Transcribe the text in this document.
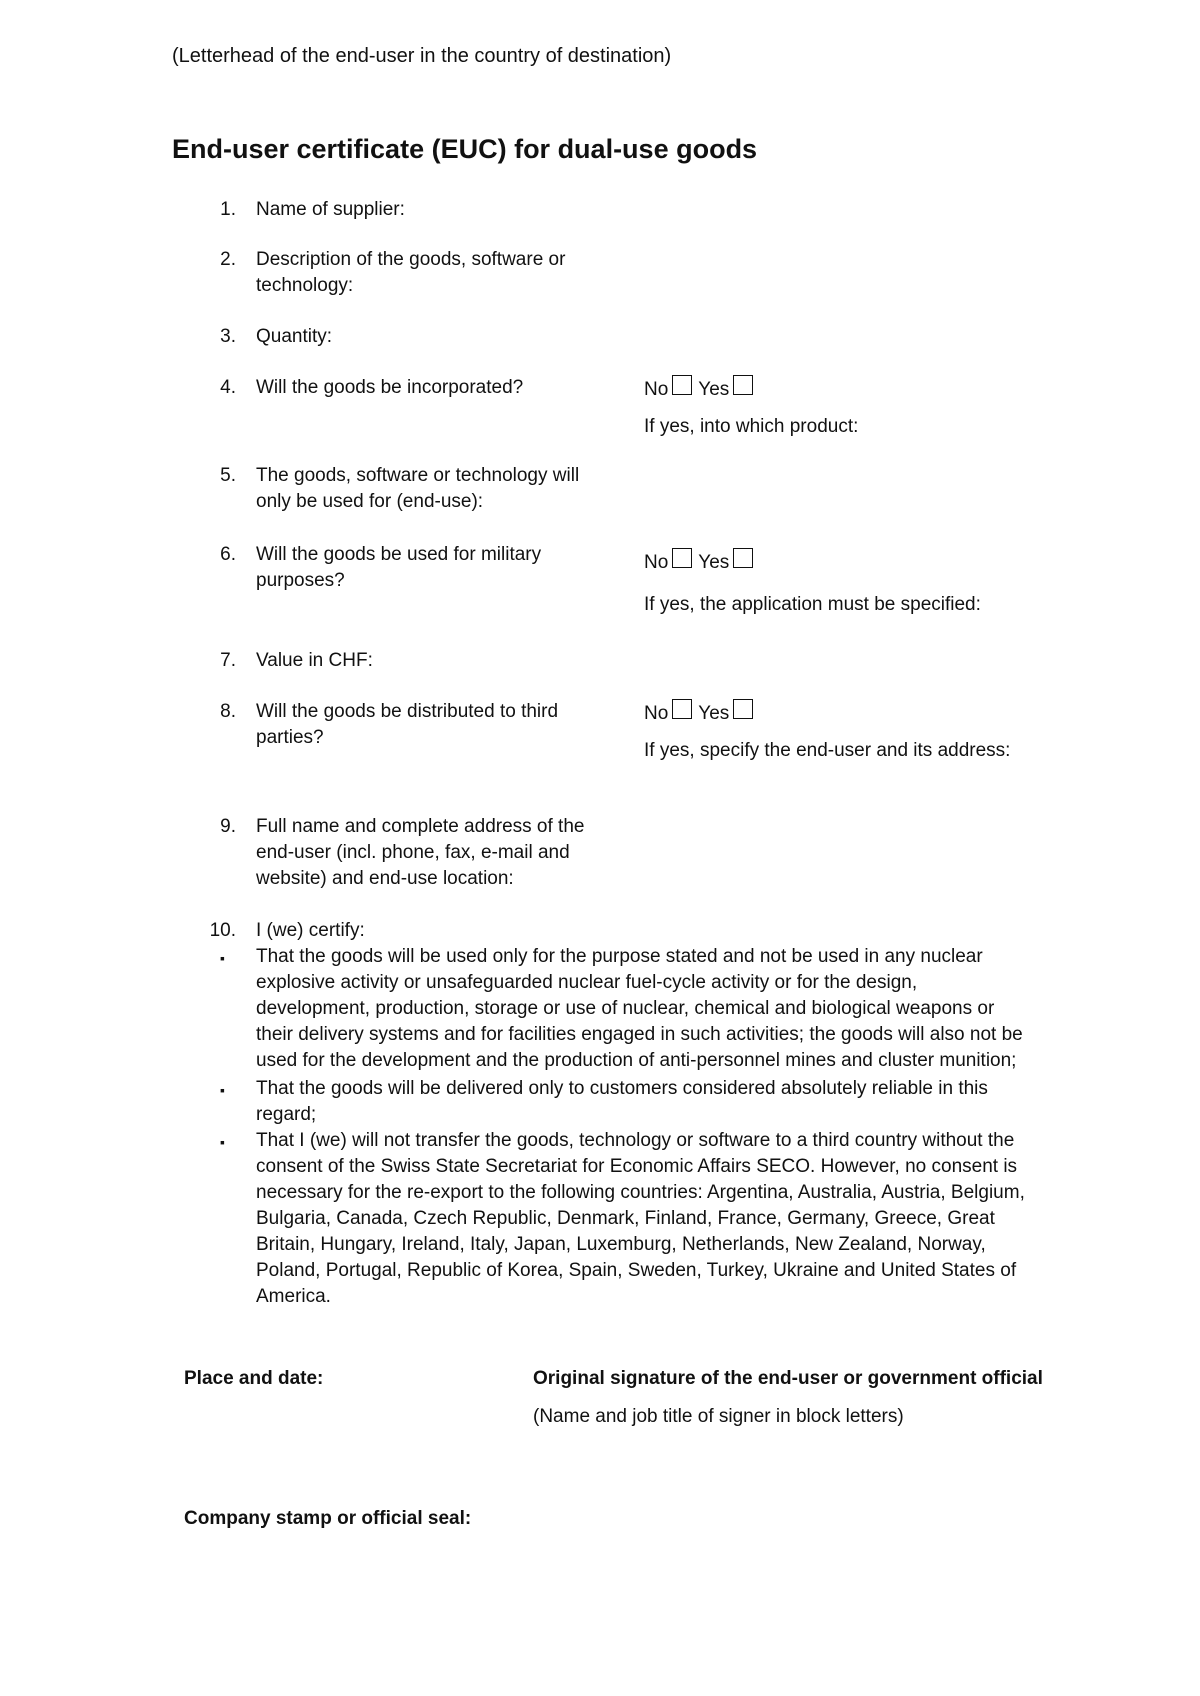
(Letterhead of the end-user in the country of destination)
End-user certificate (EUC) for dual-use goods
1. Name of supplier:
2. Description of the goods, software or
technology:
3. Quantity:
4. Will the goods be incorporated?	No Yes
If yes, into which product:
5. The goods, software or technology will
only be used for (end-use):
6. Will the goods be used for military
purposes?
No Yes
If yes, the application must be specified:
7. Value in CHF:
8. Will the goods be distributed to third
parties?
No Yes
If yes, specify the end-user and its address:
9. Full name and complete address of the
end-user (incl. phone, fax, e-mail and
website) and end-use location:
10. I (we) certify:
▪ That the goods will be used only for the purpose stated and not be used in any nuclear
explosive activity or unsafeguarded nuclear fuel-cycle activity or for the design,
development, production, storage or use of nuclear, chemical and biological weapons or
their delivery systems and for facilities engaged in such activities; the goods will also not be
used for the development and the production of anti-personnel mines and cluster munition;
▪ That the goods will be delivered only to customers considered absolutely reliable in this
regard;
▪ That I (we) will not transfer the goods, technology or software to a third country without the
consent of the Swiss State Secretariat for Economic Affairs SECO. However, no consent is
necessary for the re-export to the following countries: Argentina, Australia, Austria, Belgium,
Bulgaria, Canada, Czech Republic, Denmark, Finland, France, Germany, Greece, Great
Britain, Hungary, Ireland, Italy, Japan, Luxemburg, Netherlands, New Zealand, Norway,
Poland, Portugal, Republic of Korea, Spain, Sweden, Turkey, Ukraine and United States of
America.
Place and date:	Original signature of the end-user or government official
(Name and job title of signer in block letters)
Company stamp or official seal:
